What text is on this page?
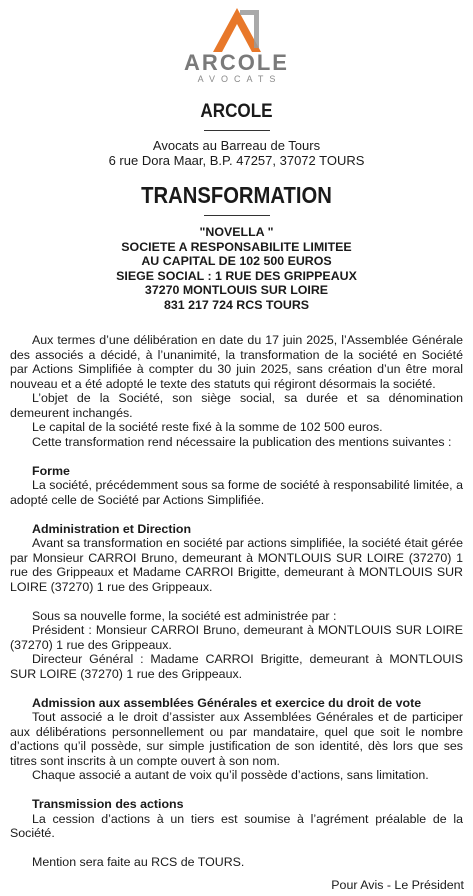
ARCOLE
AVOCATS
ARCOLE
Avocats au Barreau de Tours
6 rue Dora Maar, B.P. 47257, 37072 TOURS
TRANSFORMATION
"NOVELLA "
SOCIETE A RESPONSABILITE LIMITEE
AU CAPITAL DE 102 500 EUROS
SIEGE SOCIAL : 1 RUE DES GRIPPEAUX
37270 MONTLOUIS SUR LOIRE
831 217 724 RCS TOURS

Aux termes d’une délibération en date du 17 juin 2025, l’Assemblée Générale des associés a décidé, à l’unanimité, la transformation de la société en Société par Actions Simplifiée à compter du 30 juin 2025, sans création d’un être moral nouveau et a été adopté le texte des statuts qui régiront désormais la société.

L’objet de la Société, son siège social, sa durée et sa dénomination demeurent inchangés.

Le capital de la société reste fixé à la somme de 102 500 euros.

Cette transformation rend nécessaire la publication des mentions suivantes :

Forme

La société, précédemment sous sa forme de société à responsabilité limitée, a adopté celle de Société par Actions Simplifiée.

Administration et Direction

Avant sa transformation en société par actions simplifiée, la société était gérée par Monsieur CARROI Bruno, demeurant à MONTLOUIS SUR LOIRE (37270) 1 rue des Grippeaux et Madame CARROI Brigitte, demeurant à MONTLOUIS SUR LOIRE (37270) 1 rue des Grippeaux.

Sous sa nouvelle forme, la société est administrée par :

Président : Monsieur CARROI Bruno, demeurant à MONTLOUIS SUR LOIRE (37270) 1 rue des Grippeaux.

Directeur Général : Madame CARROI Brigitte, demeurant à MONTLOUIS SUR LOIRE (37270) 1 rue des Grippeaux.

Admission aux assemblées Générales et exercice du droit de vote

Tout associé a le droit d’assister aux Assemblées Générales et de participer aux délibérations personnellement ou par mandataire, quel que soit le nombre d’actions qu’il possède, sur simple justification de son identité, dès lors que ses titres sont inscrits à un compte ouvert à son nom.

Chaque associé a autant de voix qu’il possède d’actions, sans limitation.

Transmission des actions

La cession d’actions à un tiers est soumise à l’agrément préalable de la Société.

Mention sera faite au RCS de TOURS.

Pour Avis - Le Président
